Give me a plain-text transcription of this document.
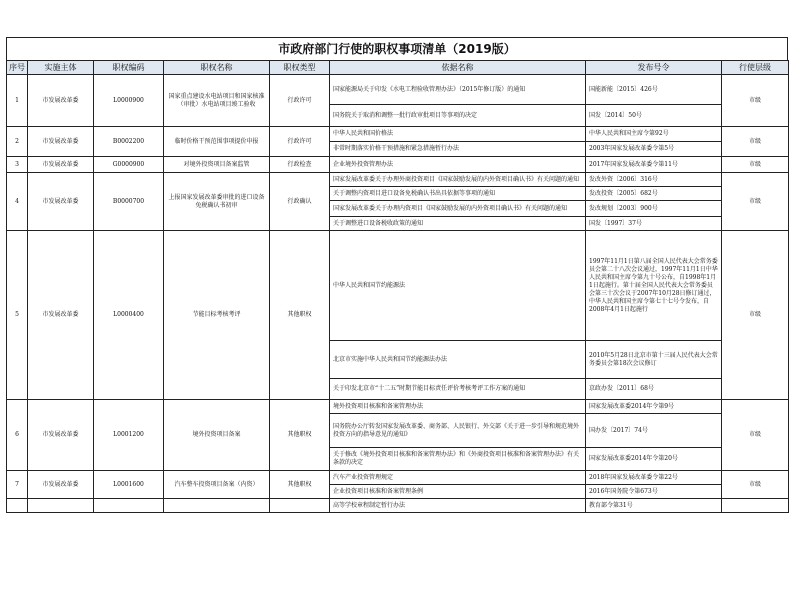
市政府部门行使的职权事项清单（2019版）
序号	实施主体	职权编码	职权名称	职权类型	依据名称	发布号令	行使层级
1	市发展改革委	L0000900	国家重点建设水电站项目和国家核准（审批）水电站项目竣工验收	行政许可	国家能源局关于印发《水电工程验收管理办法》（2015年修订版）的通知	国能新能〔2015〕426号	市级
					国务院关于取消和调整一批行政审批项目等事项的决定	国发〔2014〕50号	
2	市发展改革委	B0002200	临时价格干预范围事项提价申报	行政许可	中华人民共和国价格法	中华人民共和国主席令第92号	市级
					非常时期落实价格干预措施和紧急措施暂行办法	2003年国家发展改革委令第5号	
3	市发展改革委	G0000900	对境外投资项目备案监管	行政检查	企业境外投资管理办法	2017年国家发展改革委令第11号	市级
4	市发展改革委	B0000700	上报国家发展改革委审批的进口设备免税确认书初审	行政确认	国家发展改革委关于办理外商投资项目《国家鼓励发展的内外资项目确认书》有关问题的通知	发改外资〔2006〕316号	市级
					关于调整内资项目进口设备免税确认书出具依据等事项的通知	发改投资〔2005〕682号	
					国家发展改革委关于办理内资项目《国家鼓励发展的内外资项目确认书》有关问题的通知	发改规划〔2003〕900号	
					关于调整进口设备税收政策的通知	国发〔1997〕37号	
5	市发展改革委	L0000400	节能目标考核考评	其他职权	中华人民共和国节约能源法	1997年11月1日第八届全国人民代表大会常务委员会第二十八次会议通过，1997年11月1日中华人民共和国主席令第九十号公布，自1998年1月1日起施行。第十届全国人民代表大会常务委员会第三十次会议于2007年10月28日修订通过，中华人民共和国主席令第七十七号令发布，自2008年4月1日起施行	市级
					北京市实施中华人民共和国节约能源法办法	2010年5月28日北京市第十三届人民代表大会常务委员会第18次会议修订	
					关于印发北京市“十二五”时期节能目标责任评价考核考评工作方案的通知	京政办发〔2011〕68号	
6	市发展改革委	L0001200	境外投资项目备案	其他职权	境外投资项目核准和备案管理办法	国家发展改革委2014年令第9号	市级
					国务院办公厅转发国家发展改革委、商务部、人民银行、外交部《关于进一步引导和规范境外投资方向的指导意见的通知》	国办发〔2017〕74号	
					关于修改《境外投资项目核准和备案管理办法》和《外商投资项目核准和备案管理办法》有关条款的决定	国家发展改革委2014年令第20号	
7	市发展改革委	L0001600	汽车整车投资项目备案（内资）	其他职权	汽车产业投资管理规定	2018年国家发展改革委令第22号	市级
					企业投资项目核准和备案管理条例	2016年国务院令第673号	
					高等学校章程制定暂行办法	教育部令第31号	
